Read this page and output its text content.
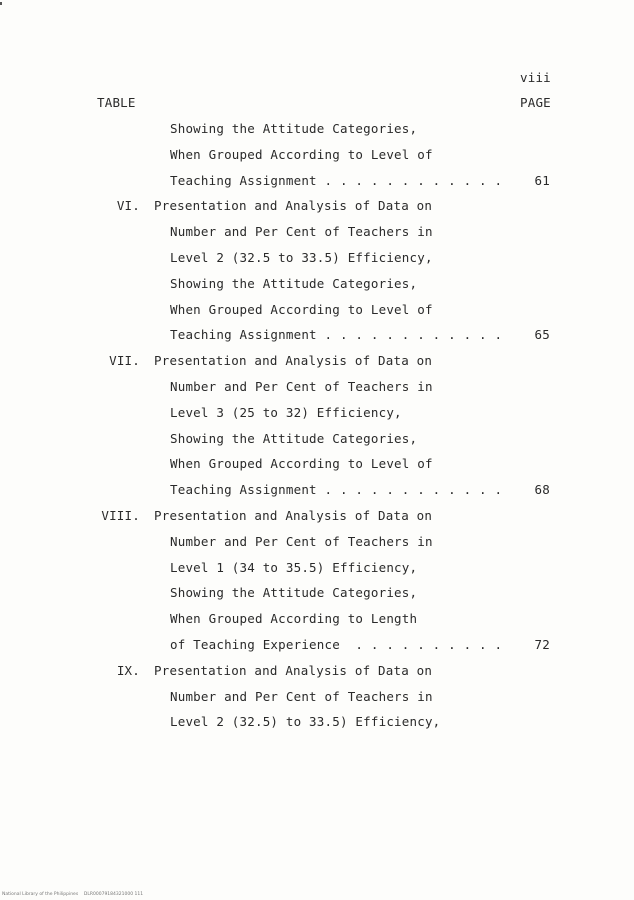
viii
TABLE	PAGE
Showing the Attitude Categories,
When Grouped According to Level of
Teaching Assignment . . . . . . . . . . . .	61
VI. Presentation and Analysis of Data on
Number and Per Cent of Teachers in
Level 2 (32.5 to 33.5) Efficiency,
Showing the Attitude Categories,
When Grouped According to Level of
Teaching Assignment . . . . . . . . . . . .	65
VII. Presentation and Analysis of Data on
Number and Per Cent of Teachers in
Level 3 (25 to 32) Efficiency,
Showing the Attitude Categories,
When Grouped According to Level of
Teaching Assignment . . . . . . . . . . . .	68
VIII. Presentation and Analysis of Data on
Number and Per Cent of Teachers in
Level 1 (34 to 35.5) Efficiency,
Showing the Attitude Categories,
When Grouped According to Length
of Teaching Experience  . . . . . . . . . .	72
IX. Presentation and Analysis of Data on
Number and Per Cent of Teachers in
Level 2 (32.5) to 33.5) Efficiency,
National Library of the Philippines    DLR00079184321000 111
